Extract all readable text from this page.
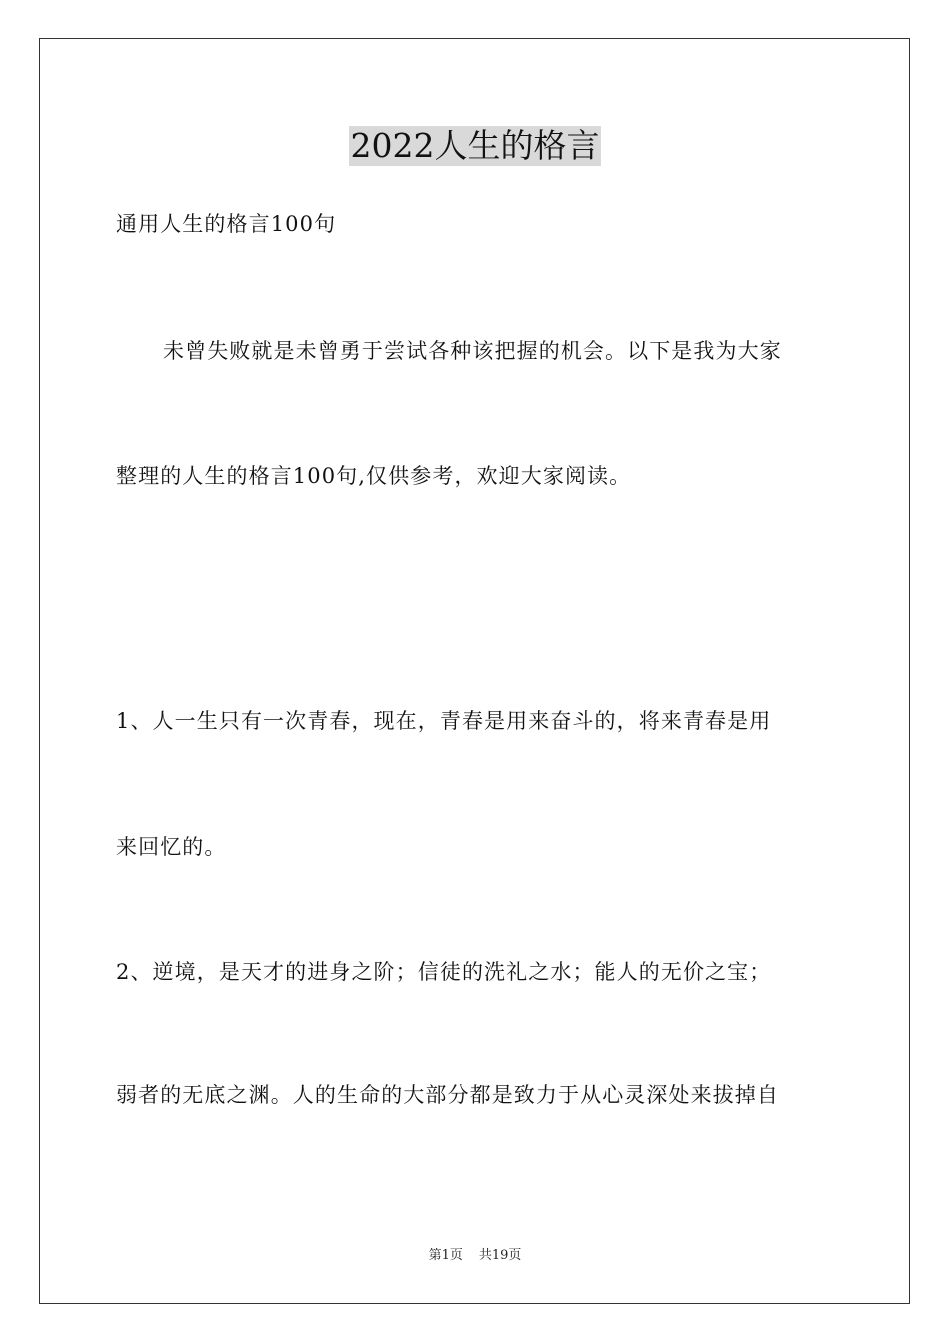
2022人生的格言
通用人生的格言100句
未曾失败就是未曾勇于尝试各种该把握的机会。以下是我为大家
整理的人生的格言100句,仅供参考，欢迎大家阅读。
1、人一生只有一次青春，现在，青春是用来奋斗的，将来青春是用
来回忆的。
2、逆境，是天才的进身之阶；信徒的洗礼之水；能人的无价之宝；
弱者的无底之渊。人的生命的大部分都是致力于从心灵深处来拔掉自
第1页 共19页
